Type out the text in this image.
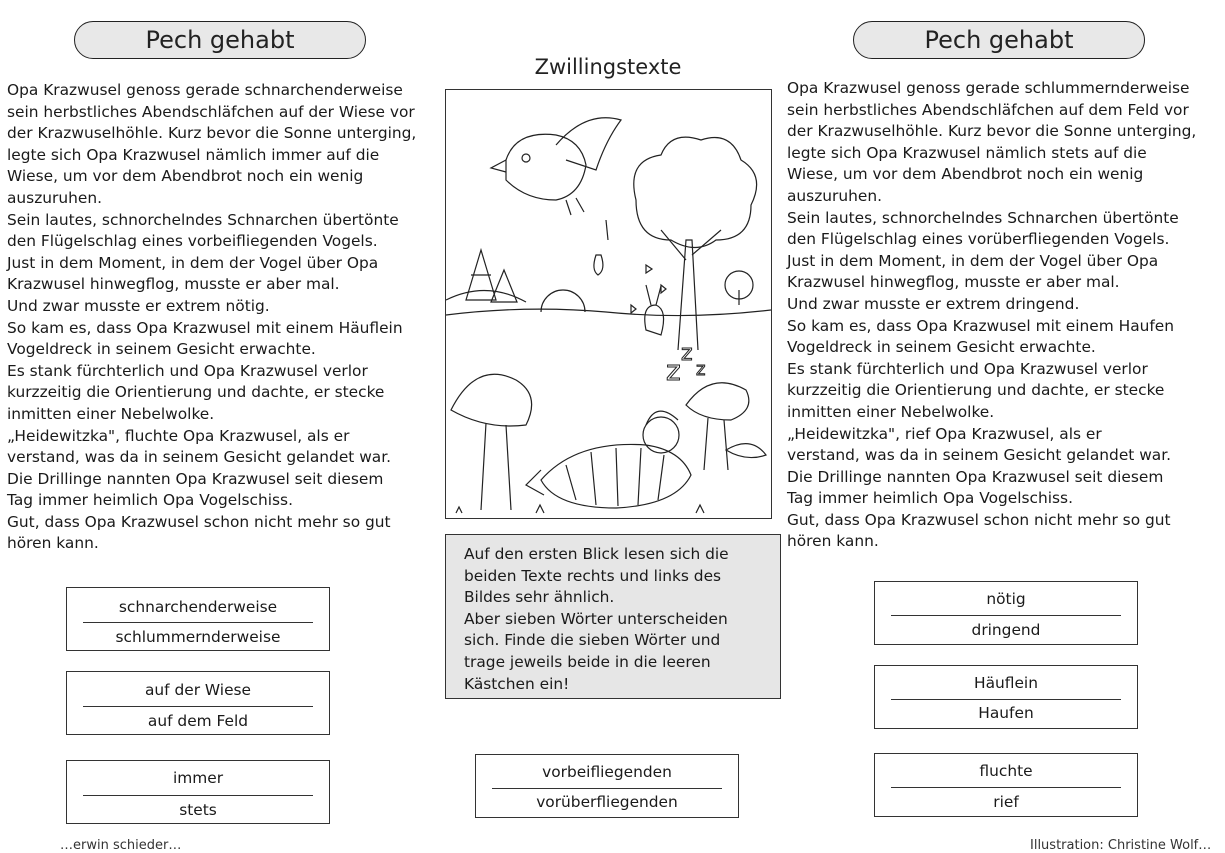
Pech gehabt	Pech gehabt

Opa Krazwusel genoss gerade schnarchenderweise
sein herbstliches Abendschläfchen auf der Wiese vor
der Krazwuselhöhle. Kurz bevor die Sonne unterging,
legte sich Opa Krazwusel nämlich immer auf die
Wiese, um vor dem Abendbrot noch ein wenig
auszuruhen.
Sein lautes, schnorchelndes Schnarchen übertönte
den Flügelschlag eines vorbeifliegenden Vogels.
Just in dem Moment, in dem der Vogel über Opa
Krazwusel hinwegflog, musste er aber mal.
Und zwar musste er extrem nötig.
So kam es, dass Opa Krazwusel mit einem Häuflein
Vogeldreck in seinem Gesicht erwachte.
Es stank fürchterlich und Opa Krazwusel verlor
kurzzeitig die Orientierung und dachte, er stecke
inmitten einer Nebelwolke.
„Heidewitzka", fluchte Opa Krazwusel, als er
verstand, was da in seinem Gesicht gelandet war.
Die Drillinge nannten Opa Krazwusel seit diesem
Tag immer heimlich Opa Vogelschiss.
Gut, dass Opa Krazwusel schon nicht mehr so gut
hören kann.

Opa Krazwusel genoss gerade schlummernderweise
sein herbstliches Abendschläfchen auf dem Feld vor
der Krazwuselhöhle. Kurz bevor die Sonne unterging,
legte sich Opa Krazwusel nämlich stets auf die
Wiese, um vor dem Abendbrot noch ein wenig
auszuruhen.
Sein lautes, schnorchelndes Schnarchen übertönte
den Flügelschlag eines vorüberfliegenden Vogels.
Just in dem Moment, in dem der Vogel über Opa
Krazwusel hinwegflog, musste er aber mal.
Und zwar musste er extrem dringend.
So kam es, dass Opa Krazwusel mit einem Haufen
Vogeldreck in seinem Gesicht erwachte.
Es stank fürchterlich und Opa Krazwusel verlor
kurzzeitig die Orientierung und dachte, er stecke
inmitten einer Nebelwolke.
„Heidewitzka", rief Opa Krazwusel, als er
verstand, was da in seinem Gesicht gelandet war.
Die Drillinge nannten Opa Krazwusel seit diesem
Tag immer heimlich Opa Vogelschiss.
Gut, dass Opa Krazwusel schon nicht mehr so gut
hören kann.

Zwillingstexte
z
z
z
Auf den ersten Blick lesen sich die
beiden Texte rechts und links des
Bildes sehr ähnlich.
Aber sieben Wörter unterscheiden
sich. Finde die sieben Wörter und
trage jeweils beide in die leeren
Kästchen ein!
schnarchenderweise
schlummernderweise
auf der Wiese
auf dem Feld
immer
stets
vorbeifliegenden
vorüberfliegenden
nötig
dringend
Häuflein
Haufen
fluchte
rief
…erwin schieder…	Illustration: Christine Wolf…
